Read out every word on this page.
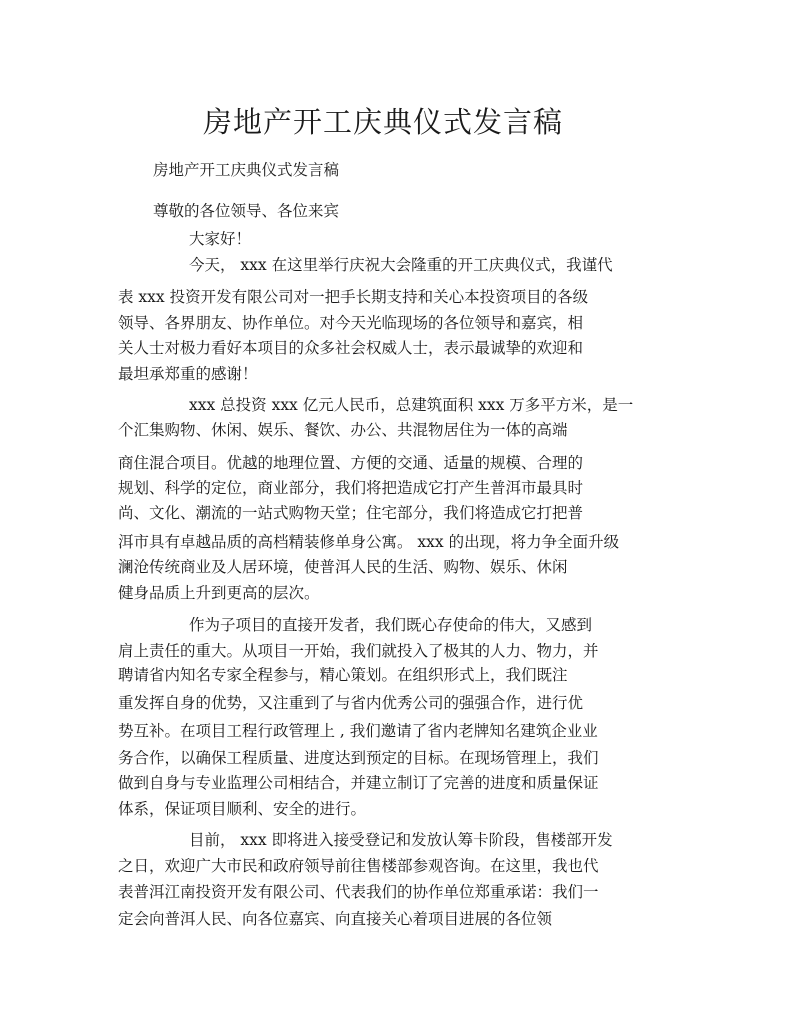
房地产开工庆典仪式发言稿

房地产开工庆典仪式发言稿

尊敬的各位领导、各位来宾

大家好！

今天， xxx 在这里举行庆祝大会隆重的开工庆典仪式，我谨代

表 xxx 投资开发有限公司对一把手长期支持和关心本投资项目的各级

领导、各界朋友、协作单位。对今天光临现场的各位领导和嘉宾，相

关人士对极力看好本项目的众多社会权威人士，表示最诚挚的欢迎和

最坦承郑重的感谢！

xxx 总投资 xxx 亿元人民币，总建筑面积 xxx 万多平方米，是一

个汇集购物、休闲、娱乐、餐饮、办公、共混物居住为一体的高端

商住混合项目。优越的地理位置、方便的交通、适量的规模、合理的

规划、科学的定位，商业部分，我们将把造成它打产生普洱市最具时

尚、文化、潮流的一站式购物天堂；住宅部分，我们将造成它打把普

洱市具有卓越品质的高档精装修单身公寓。 xxx 的出现，将力争全面升级

澜沧传统商业及人居环境，使普洱人民的生活、购物、娱乐、休闲

健身品质上升到更高的层次。

作为子项目的直接开发者，我们既心存使命的伟大，又感到

肩上责任的重大。从项目一开始，我们就投入了极其的人力、物力，并

聘请省内知名专家全程参与，精心策划。在组织形式上，我们既注

重发挥自身的优势，又注重到了与省内优秀公司的强强合作，进行优

势互补。在项目工程行政管理上 , 我们邀请了省内老牌知名建筑企业业

务合作，以确保工程质量、进度达到预定的目标。在现场管理上，我们

做到自身与专业监理公司相结合，并建立制订了完善的进度和质量保证

体系，保证项目顺利、安全的进行。

目前， xxx 即将进入接受登记和发放认筹卡阶段，售楼部开发

之日，欢迎广大市民和政府领导前往售楼部参观咨询。在这里，我也代

表普洱江南投资开发有限公司、代表我们的协作单位郑重承诺：我们一

定会向普洱人民、向各位嘉宾、向直接关心着项目进展的各位领
